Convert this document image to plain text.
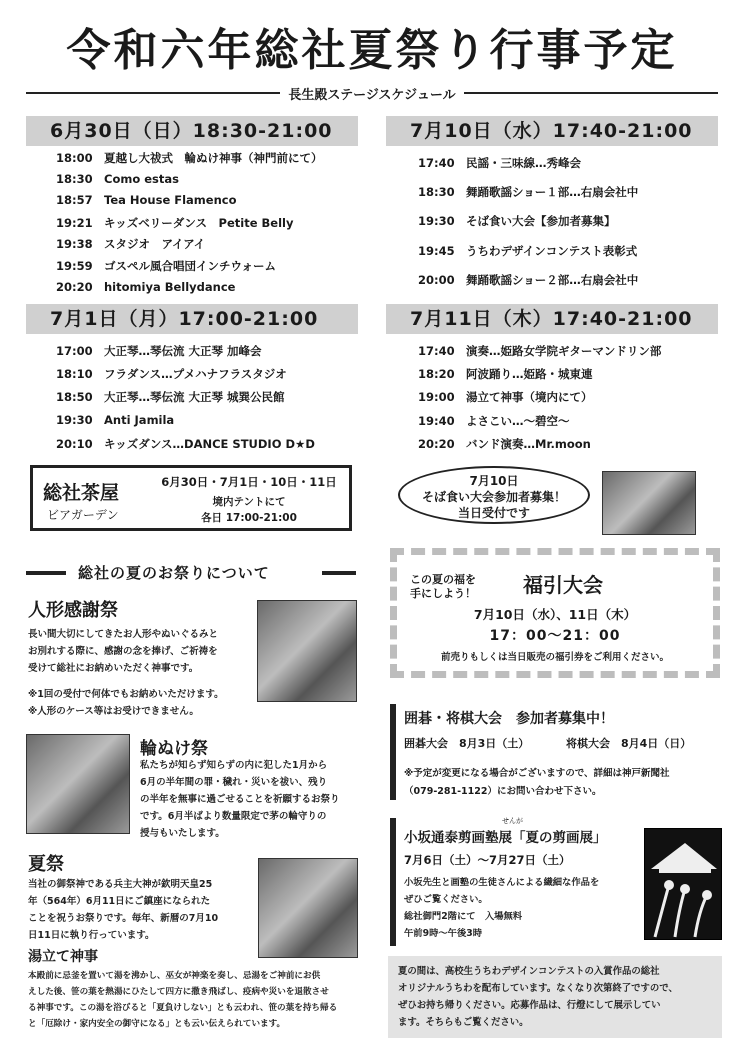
令和六年総社夏祭り行事予定
長生殿ステージスケジュール
6月30日（日）18:30-21:00
18:00 夏越し大祓式　輪ぬけ神事（神門前にて）
18:30 Como estas
18:57 Tea House Flamenco
19:21 キッズベリーダンス　Petite Belly
19:38 スタジオ　アイアイ
19:59 ゴスペル風合唱団インチウォーム
20:20 hitomiya Bellydance
7月1日（月）17:00-21:00
17:00 大正琴…琴伝流 大正琴 加峰会
18:10 フラダンス…プメハナフラスタジオ
18:50 大正琴…琴伝流 大正琴 城巽公民館
19:30 Anti Jamila
20:10 キッズダンス…DANCE STUDIO D★D
7月10日（水）17:40-21:00
17:40 民謡・三味線…秀峰会
18:30 舞踊歌謡ショー１部…右扇会社中
19:30 そば食い大会【参加者募集】
19:45 うちわデザインコンテスト表彰式
20:00 舞踊歌謡ショー２部…右扇会社中
7月11日（木）17:40-21:00
17:40 演奏…姫路女学院ギターマンドリン部
18:20 阿波踊り…姫路・城東連
19:00 湯立て神事（境内にて）
19:40 よさこい…～碧空～
20:20 バンド演奏…Mr.moon
総社茶屋
ビアガーデン
6月30日・7月1日・10日・11日
境内テントにて
各日 17:00-21:00
7月10日
そば食い大会参加者募集！
当日受付です
総社の夏のお祭りについて
人形感謝祭
長い間大切にしてきたお人形やぬいぐるみと
お別れする際に、感謝の念を捧げ、ご祈祷を
受けて総社にお納めいただく神事です。
※1回の受付で何体でもお納めいただけます。
※人形のケース等はお受けできません。
輪ぬけ祭
私たちが知らず知らずの内に犯した1月から
6月の半年間の罪・穢れ・災いを祓い、残り
の半年を無事に過ごせることを祈願するお祭り
です。6月半ばより数量限定で茅の輪守りの
授与もいたします。
夏祭
当社の御祭神である兵主大神が欽明天皇25
年（564年）6月11日にご鎮座になられた
ことを祝うお祭りです。毎年、新暦の7月10
日11日に執り行っています。
湯立て神事
本殿前に忌釜を置いて湯を沸かし、巫女が神楽を奏し、忌湯をご神前にお供
えした後、笹の葉を熱湯にひたして四方に撒き飛ばし、疫病や災いを退散させ
る神事です。この湯を浴びると「夏負けしない」とも云われ、笹の葉を持ち帰る
と「厄除け・家内安全の御守になる」とも云い伝えられています。
この夏の福を
手にしよう！	福引大会
7月10日（水）、11日（木）
17：00～21：00
前売りもしくは当日販売の福引券をご利用ください。
囲碁・将棋大会　参加者募集中！
囲碁大会　8月3日（土）	将棋大会　8月4日（日）
※予定が変更になる場合がございますので、詳細は神戸新聞社
（079-281-1122）にお問い合わせ下さい。
せんが
小坂通泰剪画塾展「夏の剪画展」
7月6日（土）～7月27日（土）
小坂先生と画塾の生徒さんによる繊細な作品を
ぜひご覧ください。
総社御門2階にて　入場無料
午前9時～午後3時
夏の間は、高校生うちわデザインコンテストの入賞作品の総社
オリジナルうちわを配布しています。なくなり次第終了ですので、
ぜひお持ち帰りください。応募作品は、行燈にして展示してい
ます。そちらもご覧ください。
